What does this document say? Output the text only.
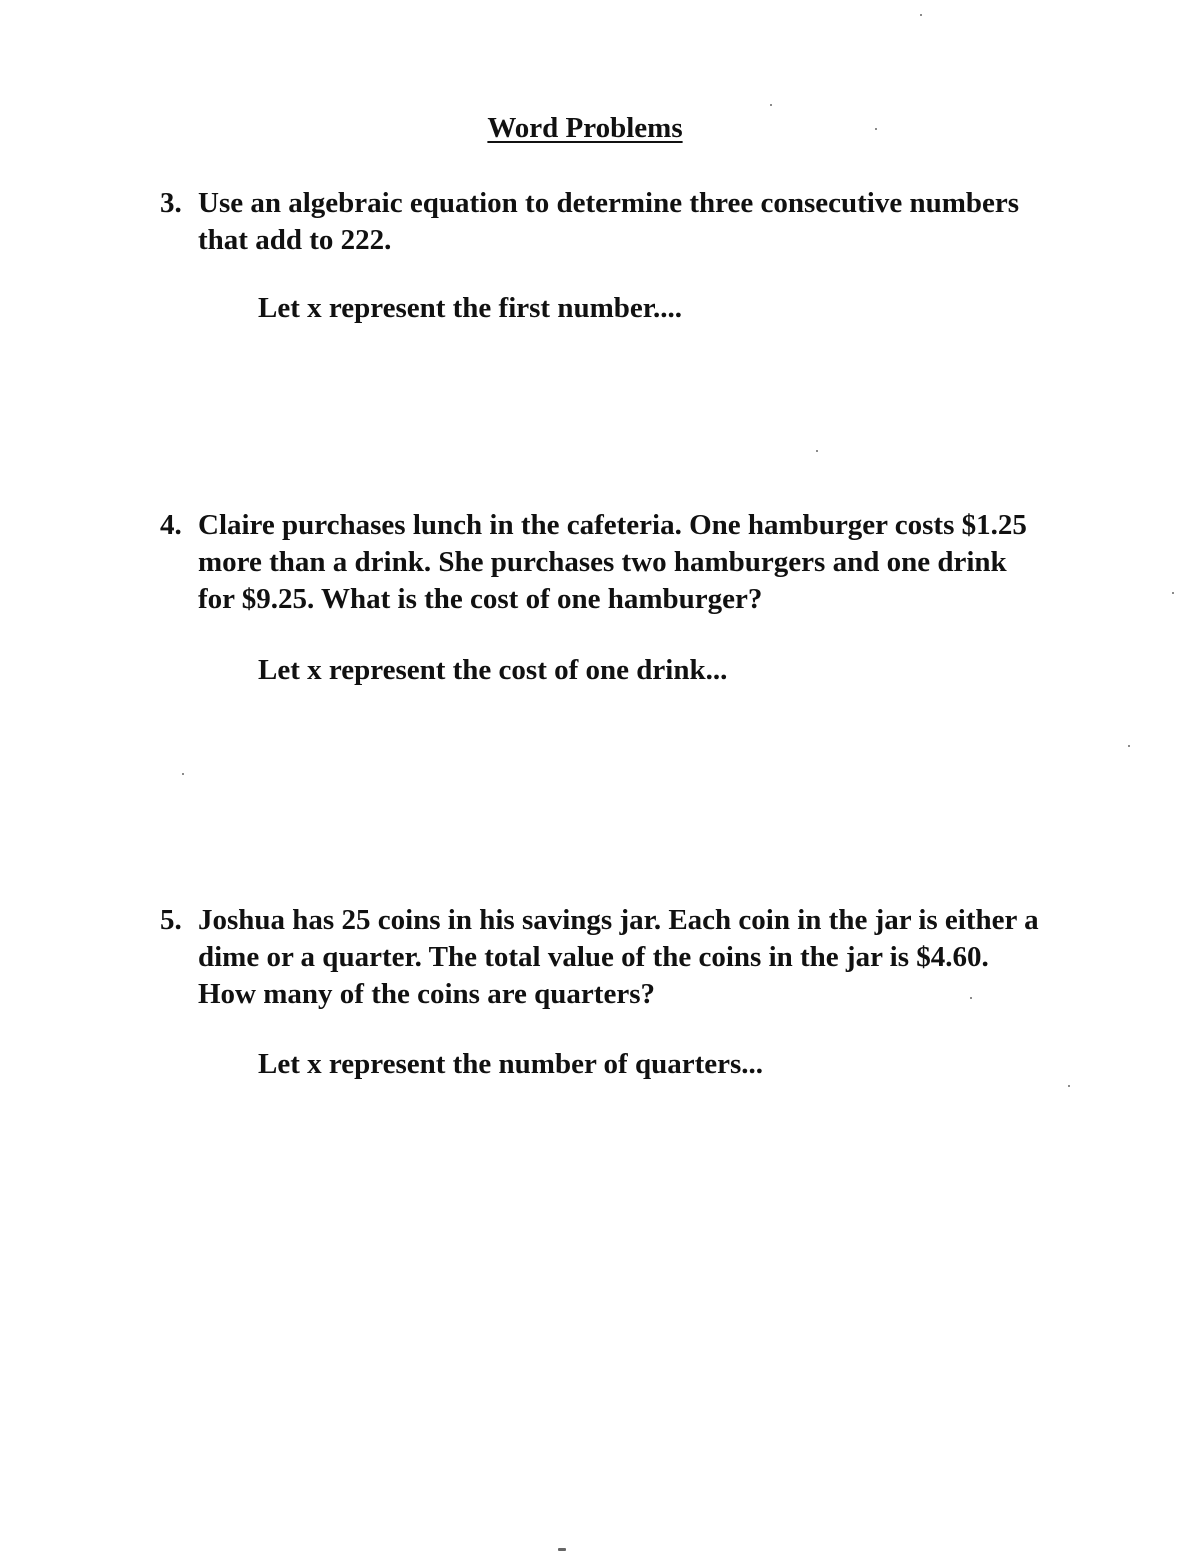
Word Problems
3. Use an algebraic equation to determine three consecutive numbers that add to 222.
Let x represent the first number....
4. Claire purchases lunch in the cafeteria. One hamburger costs $1.25 more than a drink. She purchases two hamburgers and one drink for $9.25. What is the cost of one hamburger?
Let x represent the cost of one drink...
5. Joshua has 25 coins in his savings jar. Each coin in the jar is either a dime or a quarter. The total value of the coins in the jar is $4.60. How many of the coins are quarters?
Let x represent the number of quarters...
